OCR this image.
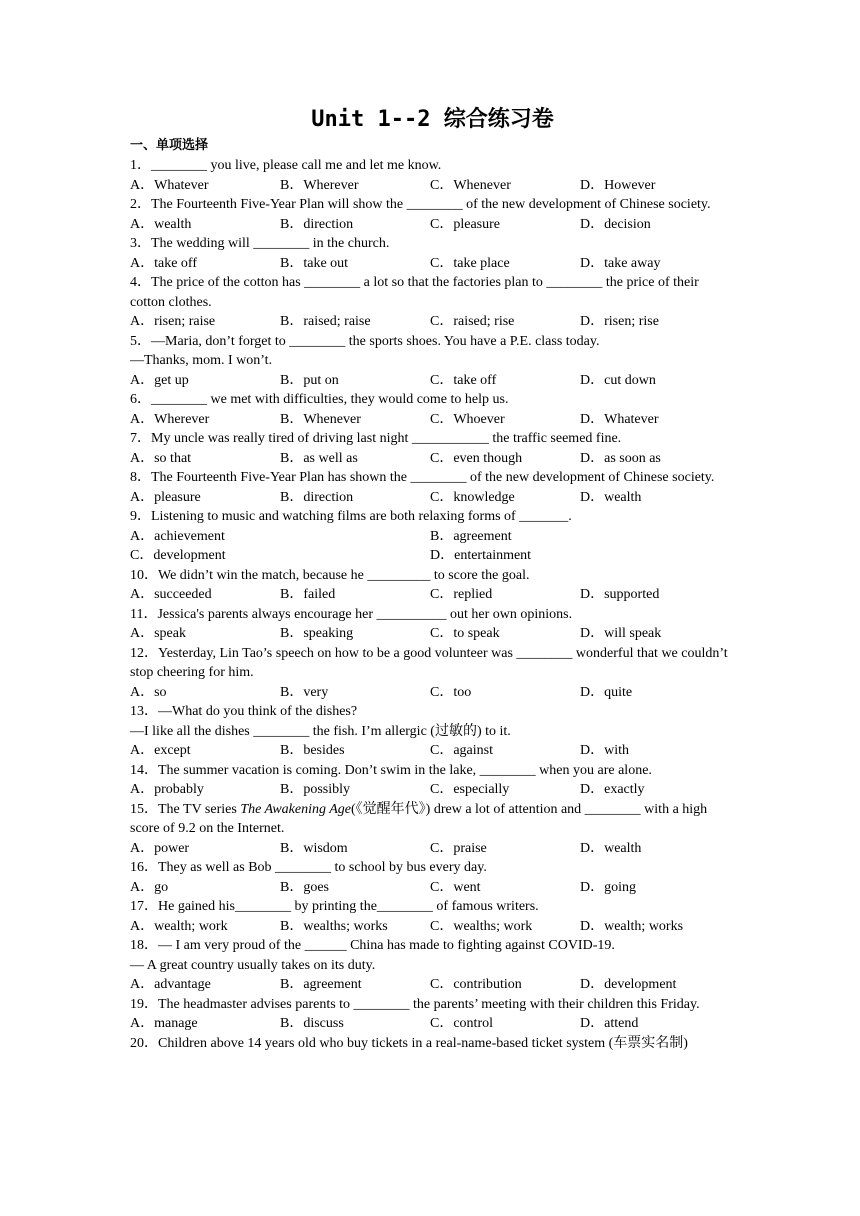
Unit 1--2 综合练习卷
一、单项选择
1．________ you live, please call me and let me know.
A．Whatever	B．Wherever	C．Whenever	D．However
2．The Fourteenth Five-Year Plan will show the ________ of the new development of Chinese society.
A．wealth	B．direction	C．pleasure	D．decision
3．The wedding will ________ in the church.
A．take off	B．take out	C．take place	D．take away
4．The price of the cotton has ________ a lot so that the factories plan to ________ the price of their cotton clothes.
A．risen; raise	B．raised; raise	C．raised; rise	D．risen; rise
5．—Maria, don’t forget to ________ the sports shoes. You have a P.E. class today.
—Thanks, mom. I won’t.
A．get up	B．put on	C．take off	D．cut down
6．________ we met with difficulties, they would come to help us.
A．Wherever	B．Whenever	C．Whoever	D．Whatever
7．My uncle was really tired of driving last night ___________ the traffic seemed fine.
A．so that	B．as well as	C．even though	D．as soon as
8．The Fourteenth Five-Year Plan has shown the ________ of the new development of Chinese society.
A．pleasure	B．direction	C．knowledge	D．wealth
9．Listening to music and watching films are both relaxing forms of _______.
A．achievement	B．agreement
C．development	D．entertainment
10．We didn’t win the match, because he _________ to score the goal.
A．succeeded	B．failed	C．replied	D．supported
11．Jessica's parents always encourage her __________ out her own opinions.
A．speak	B．speaking	C．to speak	D．will speak
12．Yesterday, Lin Tao’s speech on how to be a good volunteer was ________ wonderful that we couldn’t stop cheering for him.
A．so	B．very	C．too	D．quite
13．—What do you think of the dishes?
—I like all the dishes ________ the fish. I’m allergic (过敏的) to it.
A．except	B．besides	C．against	D．with
14．The summer vacation is coming. Don’t swim in the lake, ________ when you are alone.
A．probably	B．possibly	C．especially	D．exactly
15．The TV series The Awakening Age(《觉醒年代》) drew a lot of attention and ________ with a high score of 9.2 on the Internet.
A．power	B．wisdom	C．praise	D．wealth
16．They as well as Bob ________ to school by bus every day.
A．go	B．goes	C．went	D．going
17．He gained his________ by printing the________ of famous writers.
A．wealth; work	B．wealths; works	C．wealths; work	D．wealth; works
18．— I am very proud of the ______ China has made to fighting against COVID-19.
— A great country usually takes on its duty.
A．advantage	B．agreement	C．contribution	D．development
19．The headmaster advises parents to ________ the parents’ meeting with their children this Friday.
A．manage	B．discuss	C．control	D．attend
20．Children above 14 years old who buy tickets in a real-name-based ticket system (车票实名制)
